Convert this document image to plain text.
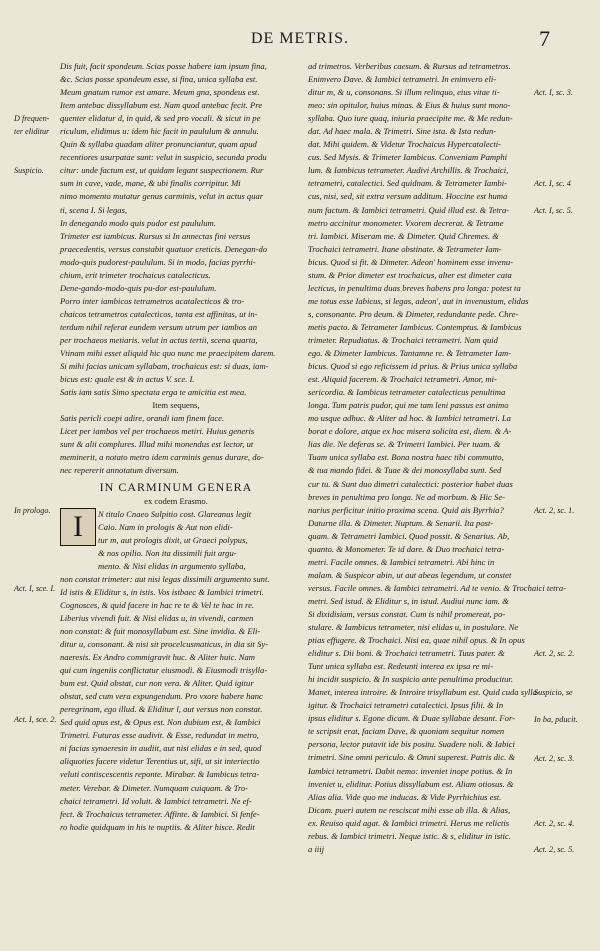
DE METRIS.	7

Dis fuit, facit spondeum. Scias posse habere iam ipsum fina,

&c. Scias posse spondeum esse, si fina, unica syllaba est.

Meum gnatum rumor est amare. Meum gna, spondeus est.

Item antebac dissyllabum est. Nam quod antebac fecit. Pre

quenter elidatur d, in quid, & sed pro vocali. & sicut in pe

riculum, elidimus u: idem hic facit in paululum & annulu.

Quin & syllaba quadam aliter pronunciantur, quam apud

recentiores usurpatae sunt: velut in suspicio, secunda produ

citur: unde factum est, ut quidam legant suspectionem. Rur

sum in cave, vade, mane, & ubi finalis corripitur. Mi

nimo momento mutatur genus carminis, velut in actus quar

ti, scena I. Si legas,

In denegando modo quis pudor est paululum.

Trimeter est iambicus. Rursus si In annectas fini versus

praecedentis, versus constabit quatuor creticis. Denegan-do

modo-quis pudorest-paululum. Si in modo, facias pyrrhi-

chium, erit trimeter trochaicus catalecticus.

Dene-gando-modo-quis pu-dor est-paululum.

Porro inter iambicos tetrametros acatalecticos & tro-

chaicos tetrametros catalecticos, tanta est affinitas, ut in-

terdum nihil referat eundem versum utrum per iambos an

per trochaeos metiaris. velut in actus tertii, scena quarta,

Vtinam mihi esset aliquid hic quo nunc me praecipitem darem.

Si mihi facias unicam syllabam, trochaicus est: si duas, iam-

bicus est: quale est & in actus V. sce. I.

Satis iam satis Simo spectata erga te amicitia est mea.

Item sequens,

Satis pericli coepi adire, orandi iam finem face.

Licet per iambos vel per trochaeos metiri. Huius generis

sunt & alii complures. Illud mihi monendus est lector, ut

meminerit, a notato metro idem carminis genus durare, do-

nec repererit annotatum diversum.

IN CARMINUM GENERA

ex codem Erasmo.

N titulo Cnaeo Sulpitio cost. Glareanus legit

Caio. Nam in prologis & Aut non elidi-

tur m, aut prologis dixit, ut Graeci polypus,

& nos opilio. Non ita dissimili fuit argu-

mento. & Nisi elidas in argumento syllaba,

non constat trimeter: aut nisi legas dissimili argumento sunt.

Id istis & Eliditur s, in istis. Vos istbaec & Iambici trimetri.

Cognosces, & quid facere in hac re te & Vel te hac in re.

Liberius vivendi fuit. & Nisi elidas u, in vivendi, carmen

non constat: & fuit monosyllabum est. Sine invidia. & Eli-

ditur u, consonant. & nisi sit procelcusmaticus, in dia sit Sy-

naeresis. Ex Andro commigravit huc. & Aliter huic. Nam

qui cum ingeniis conflictatur eiusmodi. & Eiusmodi trisylla-

bum est. Quid obstat, cur non vera. & Aliter. Quid igitur

obstat, sed cum vera expungendum. Pro vxore habere hanc

peregrinam, ego illud. & Eliditur l, aut versus non constat.

Sed quid opus est, & Opus est. Non dubium est, & Iambici

Trimetri. Futuras esse audivit. & Esse, redundat in metro,

ni facias synaeresin in audiit, aut nisi elidas e in sed, quod

aliquoties facere videtur Terentius ut, sifi, ut sit interiectio

veluti contiscescentis reponte. Mirabar. & Iambicus tetra-

meter. Verebar. & Dimeter. Numquam cuiquam. & Tro-

chaici tetrametri. Id voluit. & Iambici tetrametri. Ne ef-

fect. & Trochaicus tetrameter. Affinte. & Iambici. Si fenfe-

ro hodie quidquam in his te nuptiis. & Aliter hisce. Redit

I

ad trimetros. Verberibus caesum. & Rursus ad tetrametros.

Enimvero Dave. & Iambici tetrametri. In enimvero eli-

ditur m, & u, consonans. Si illum relinquo, eius vitae ti-

meo: sin opitulor, huius minas. & Eius & huius sunt mono-

syllaba. Quo iure quaq, iniuria praecipite me. & Me redun-

dat. Ad haec mala. & Trimetri. Sine ista. & Ista redun-

dat. Mihi quidem. & Videtur Trochaicus Hypercatalecti-

cus. Sed Mysis. & Trimeter Iambicus. Conveniam Pamphi

lum. & Iambicus tetrameter. Audivi Archillis. & Trochaici,

tetrametri, catalectici. Sed quidnam. & Tetrameter Iambi-

cus, nisi, sed, sit extra versum additum. Hoccine est huma

num factum. & Iambici tetrametri. Quid illud est. & Tetra-

metro accinitur monometer. Vxorem decrerat. & Tetrame

tri. Iambici. Miseram me. & Dimeter. Quid Chremes. &

Trochaici tetrametri. Itane obstinate. & Tetrameter Iam-

bicus. Quod si fit. & Dimeter. Adeon' hominem esse invenu-

stum. & Prior dimeter est trochaicus, alter est dimeter cata

lecticus, in penultima duas breves habens pro longa: potest ta

me totus esse Iabicus, si legas, adeon', aut in invenustum, elidas

s, consonante. Pro deum. & Dimeter, redundante pede. Chre-

metis pacto. & Tetrameter Iambicus. Contemptus. & Iambicus

trimeter. Repudiatus. & Trochaici tetrametri. Nam quid

ego. & Dimeter Iambicus. Tantamne re. & Tetrameter Iam-

bicus. Quod si ego reficissem id prius. & Prius unica syllaba

est. Aliquid facerem. & Trochaici tetrametri. Amor, mi-

sericordia. & Iambicus tetrameter catalecticus penultima

longa. Tum patris pudor, qui me tam leni passus est animo

mo usque adhuc. & Aliter ad hoc. & Iambici tetrametri. La

borat e dolore, atque ex hoc misera solicita est, diem. & A-

lias die. Ne deferas se. & Trimetri Iambici. Per tuam. &

Tuam unica syllaba est. Bona nostra haec tibi commutto,

& tua mando fidei. & Tuae & dei monosyllaba sunt. Sed

cur tu. & Sunt duo dimetri catalectici: posterior habet duas

breves in penultima pro longa. Ne ad morbum. & Hic Se-

narius perficitur initio proxima scena. Quid ais Byrrhia?

Daturne illa. & Dimeter. Nuptum. & Senarii. Ita post-

quam. & Tetrametri Iambici. Quod possit. & Senarius. Ab,

quanto. & Monometer. Te id dare. & Duo trochaici tetra-

metri. Facile omnes. & Iambici tetrametri. Abi hinc in

malam. & Suspicor abin, ut aut abeas legendum, ut constet

versus. Facile omnes. & Iambici tetrametri. Ad te venio. & Trochaici tetra-

metri. Sed istud. & Eliditur s, in istud. Audiui nunc iam. &

Si dixidisiam, versus constat. Cum is nihil promereat, po-

stulare. & Iambicus tetrameter, nisi elidas u, in postulare. Ne

ptias effugere. & Trochaici. Nisi ea, quae nihil opus. & In opus

eliditur s. Dii boni. & Trochaici tetrametri. Tuus pater. &

Tunt unica syllaba est. Redeunti interea ex ipsa re mi-

hi incidit suspicio. & In suspicio ante penultima producitur.

Manet, interea introire. & Introire trisyllabum est. Quid cuda sylla-

igitur. & Trochaici tetrametri catalectici. Ipsus filii. & In

ipsus eliditur s. Egone dicam. & Duae syllabae desunt. For-

te scripsit erat, faciam Dave, & quoniam sequitur nomen

persona, lector putavit ide bis positu. Suadere noli. & Iabici

trimetri. Sine omni periculo. & Omni superest. Patris dic. &

Iambici tetrametri. Dabit nemo: inveniet inope potius. & In

inveniet u, eliditur. Potius dissyllabum est. Aliam otiosus. &

Alias alia. Vide quo me inducas. & Vide Pyrrhichius est.

Dicam. pueri autem ne resciscat mihi esse ab illa. & Alias,

ex. Reuiso quid agat. & Iambici trimetri. Herus me relictis

rebus. & Iambici trimetri. Neque istic. & s, eliditur in istic.

a iiij

D frequen-
ter eliditur
Suspicio.
In prologo.
Act. I, sce. I.
Act. I, sce. 2.
Act. I, sc. 3.
Act. I, sc. 4
Act. I, sc. 5.
Act. 2, sc. 1.
Act. 2, sc. 2.
Suspicio, se
In ba, pducit.
Act. 2, sc. 3.
Act. 2, sc. 4.
Act. 2, sc. 5.
